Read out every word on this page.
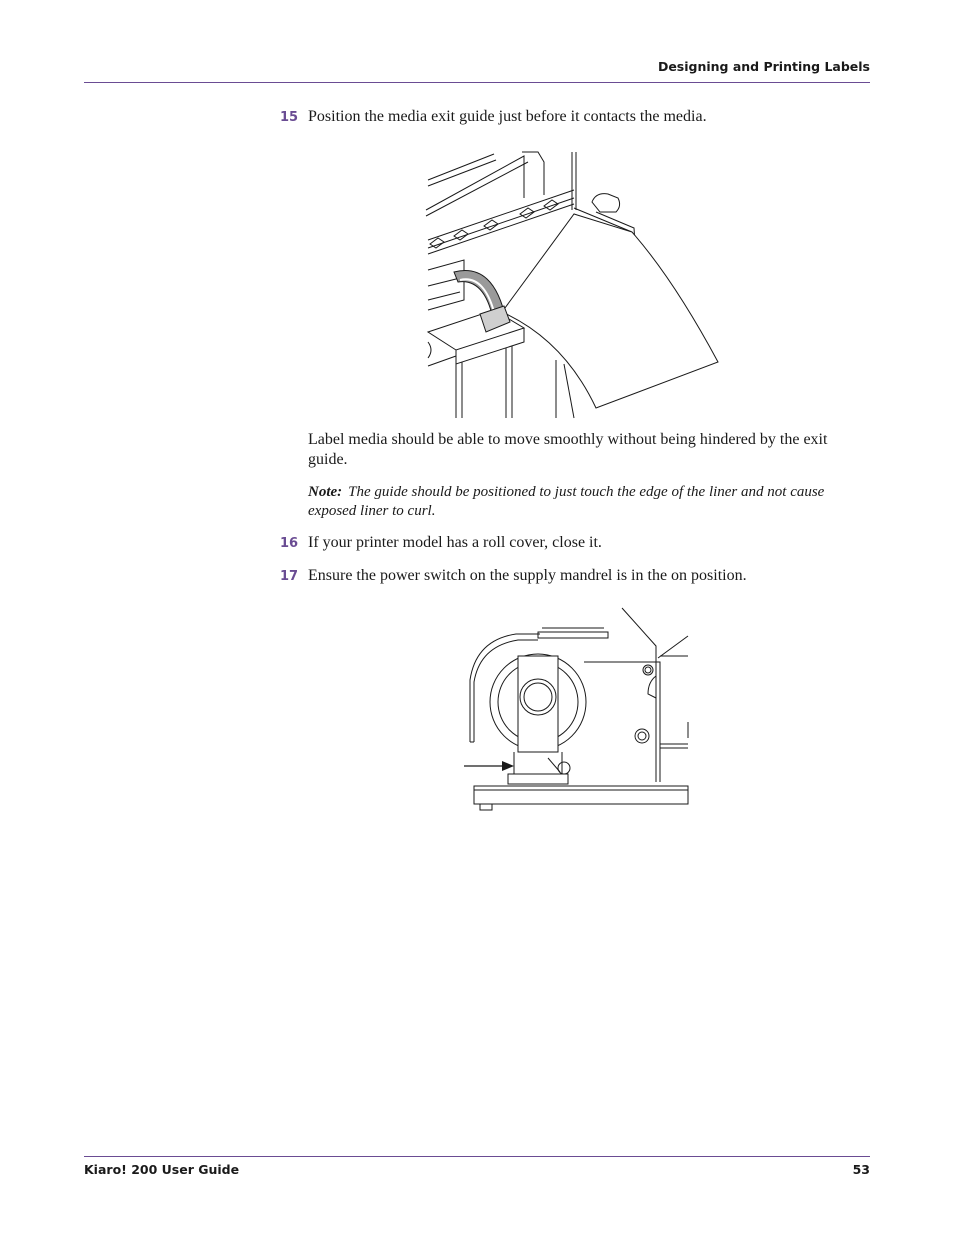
Designing and Printing Labels
15 Position the media exit guide just before it contacts the media.
Label media should be able to move smoothly without being hindered by the exit guide.
Note: The guide should be positioned to just touch the edge of the liner and not cause exposed liner to curl.
16 If your printer model has a roll cover, close it.
17 Ensure the power switch on the supply mandrel is in the on position.
Kiaro! 200 User Guide	53
